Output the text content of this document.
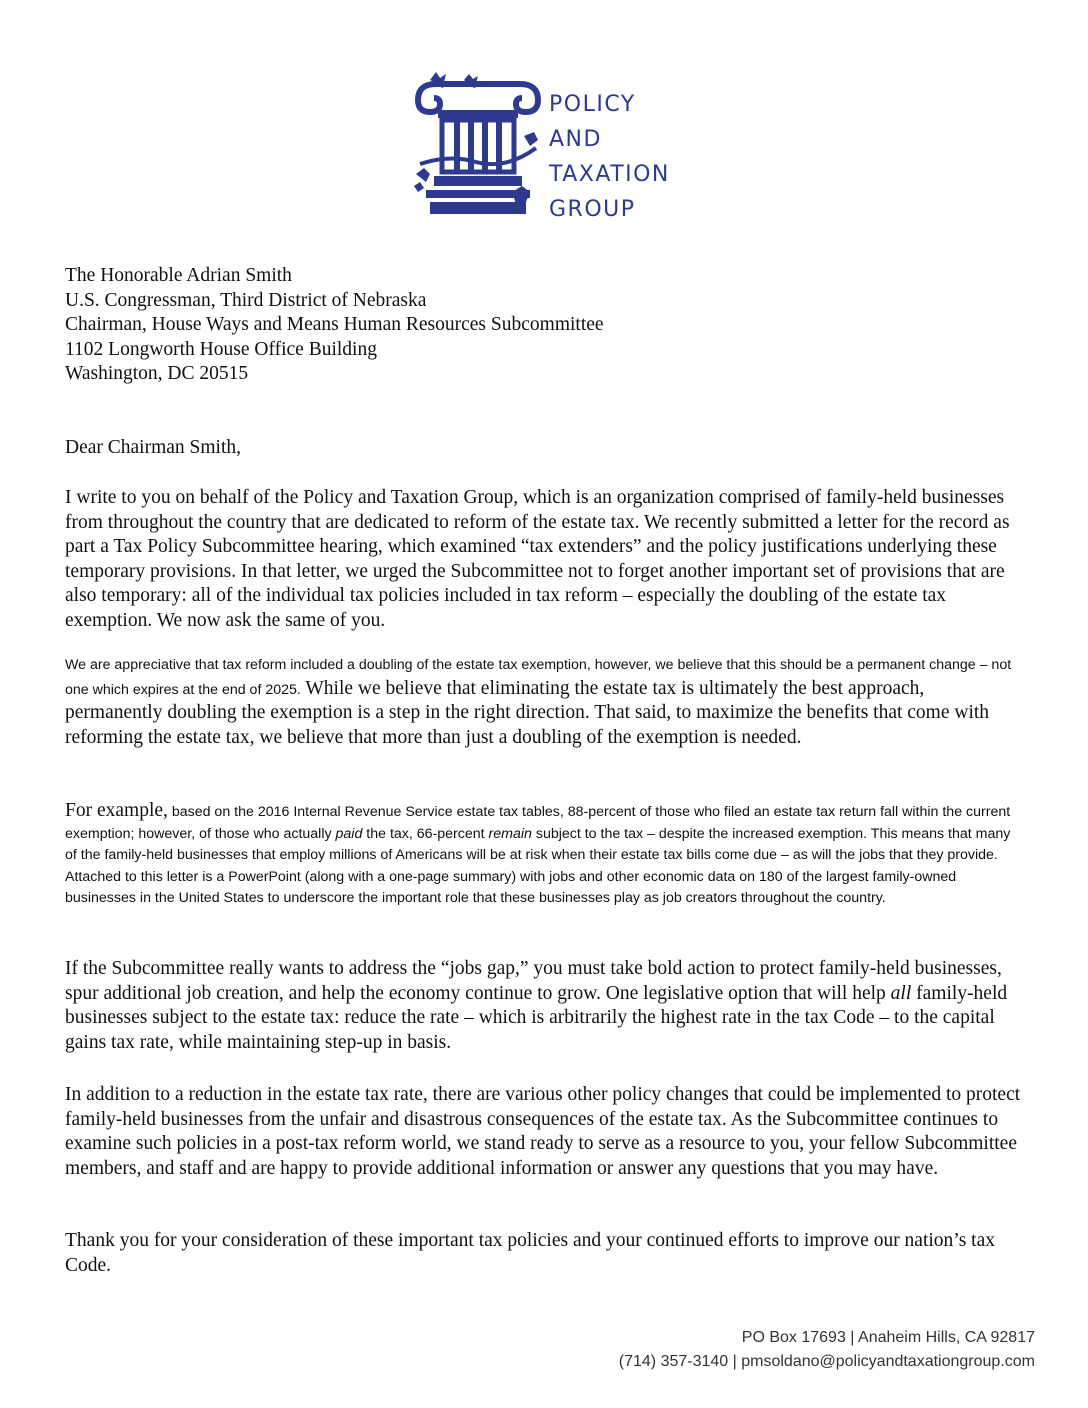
POLICY
AND
TAXATION
GROUP

The Honorable Adrian Smith

U.S. Congressman, Third District of Nebraska

Chairman, House Ways and Means Human Resources Subcommittee

1102 Longworth House Office Building

Washington, DC 20515

Dear Chairman Smith,
I write to you on behalf of the Policy and Taxation Group, which is an organization comprised of family-held businesses from throughout the country that are dedicated to reform of the estate tax. We recently submitted a letter for the record as part a Tax Policy Subcommittee hearing, which examined “tax extenders” and the policy justifications underlying these temporary provisions. In that letter, we urged the Subcommittee not to forget another important set of provisions that are also temporary: all of the individual tax policies included in tax reform – especially the doubling of the estate tax exemption. We now ask the same of you.
We are appreciative that tax reform included a doubling of the estate tax exemption, however, we believe that this should be a permanent change – not one which expires at the end of 2025. While we believe that eliminating the estate tax is ultimately the best approach, permanently doubling the exemption is a step in the right direction. That said, to maximize the benefits that come with reforming the estate tax, we believe that more than just a doubling of the exemption is needed.
For example, based on the 2016 Internal Revenue Service estate tax tables, 88-percent of those who filed an estate tax return fall within the current exemption; however, of those who actually paid the tax, 66-percent remain subject to the tax – despite the increased exemption. This means that many of the family-held businesses that employ millions of Americans will be at risk when their estate tax bills come due – as will the jobs that they provide. Attached to this letter is a PowerPoint (along with a one-page summary) with jobs and other economic data on 180 of the largest family-owned businesses in the United States to underscore the important role that these businesses play as job creators throughout the country.
If the Subcommittee really wants to address the “jobs gap,” you must take bold action to protect family-held businesses, spur additional job creation, and help the economy continue to grow. One legislative option that will help all family-held businesses subject to the estate tax: reduce the rate – which is arbitrarily the highest rate in the tax Code – to the capital gains tax rate, while maintaining step-up in basis.
In addition to a reduction in the estate tax rate, there are various other policy changes that could be implemented to protect family-held businesses from the unfair and disastrous consequences of the estate tax. As the Subcommittee continues to examine such policies in a post-tax reform world, we stand ready to serve as a resource to you, your fellow Subcommittee members, and staff and are happy to provide additional information or answer any questions that you may have.
Thank you for your consideration of these important tax policies and your continued efforts to improve our nation’s tax Code.
PO Box 17693 | Anaheim Hills, CA 92817
(714) 357-3140 | pmsoldano@policyandtaxationgroup.com
